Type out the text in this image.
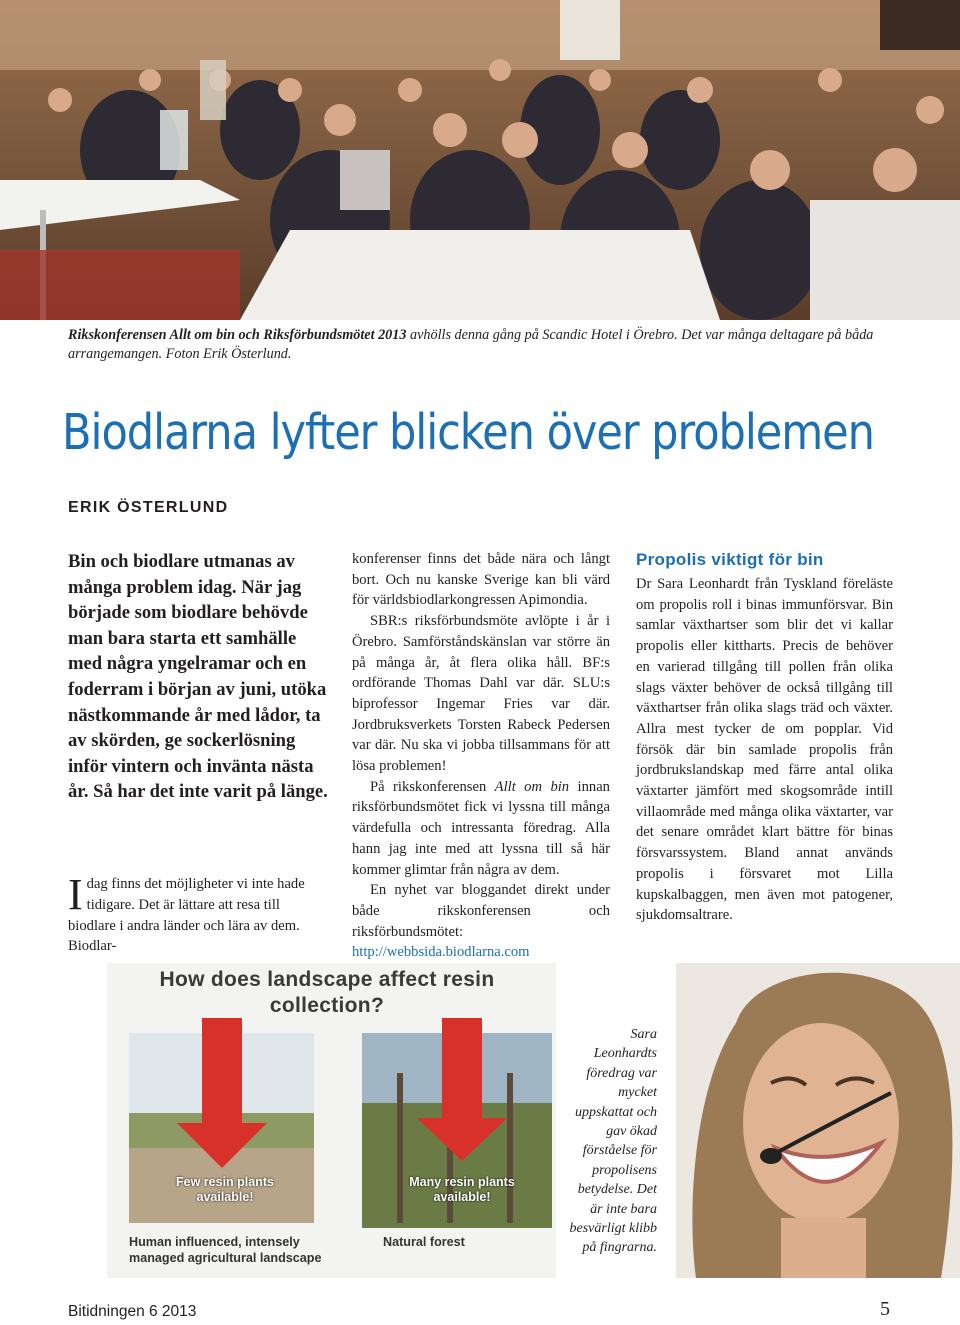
Rikskonferensen Allt om bin och Riksförbundsmötet 2013 avhölls denna gång på Scandic Hotel i Örebro. Det var många deltagare på båda arrangemangen. Foton Erik Österlund.
Biodlarna lyfter blicken över problemen
ERIK ÖSTERLUND
Bin och biodlare utmanas av många problem idag. När jag började som biodlare behövde man bara starta ett samhälle med några yngelramar och en foderram i början av juni, utöka nästkommande år med lådor, ta av skörden, ge sockerlösning inför vintern och invänta nästa år. Så har det inte varit på länge.
Idag finns det möjligheter vi inte hade tidigare. Det är lättare att resa till biodlare i andra länder och lära av dem. Biodlar-

konferenser finns det både nära och långt bort. Och nu kanske Sverige kan bli värd för världsbiodlarkongressen Apimondia.

SBR:s riksförbundsmöte avlöpte i år i Örebro. Samförståndskänslan var större än på många år, åt flera olika håll. BF:s ordförande Thomas Dahl var där. SLU:s biprofessor Ingemar Fries var där. Jordbruksverkets Torsten Rabeck Pedersen var där. Nu ska vi jobba tillsammans för att lösa problemen!

På rikskonferensen Allt om bin innan riksförbundsmötet fick vi lyssna till många värdefulla och intressanta föredrag. Alla hann jag inte med att lyssna till så här kommer glimtar från några av dem.

En nyhet var bloggandet direkt under både rikskonferensen och riksförbundsmötet: http://webbsida.biodlarna.com

Propolis viktigt för bin

Dr Sara Leonhardt från Tyskland föreläste om propolis roll i binas immunförsvar. Bin samlar växthartser som blir det vi kallar propolis eller kittharts. Precis de behöver en varierad tillgång till pollen från olika slags växter behöver de också tillgång till växthartser från olika slags träd och växter. Allra mest tycker de om popplar. Vid försök där bin samlade propolis från jordbrukslandskap med färre antal olika växtarter jämfört med skogsområde intill villaområde med många olika växtarter, var det senare området klart bättre för binas försvarssystem. Bland annat används propolis i försvaret mot Lilla kupskalbaggen, men även mot patogener, sjukdomsaltrare.

How does landscape affect resin collection?
Few resin plants available!
Many resin plants available!
Human influenced, intensely managed agricultural landscape
Natural forest
Sara Leonhardts föredrag var mycket uppskattat och gav ökad förståelse för propolisens betydelse. Det är inte bara besvärligt klibb på fingrarna.
Bitidningen 6 2013	5
